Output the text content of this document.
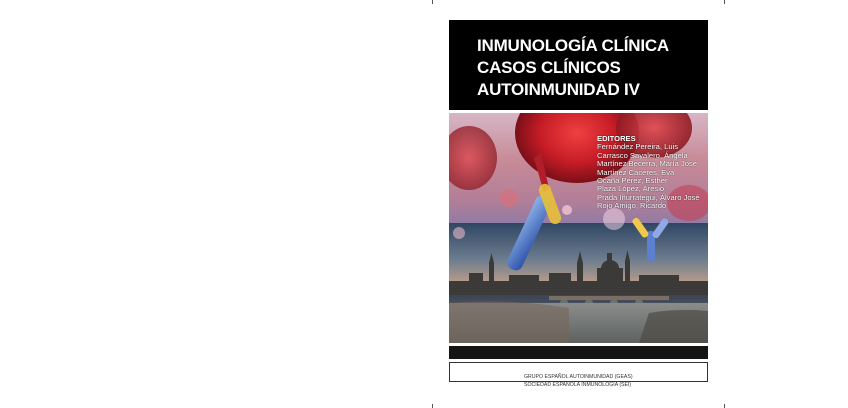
INMUNOLOGÍA CLÍNICA
CASOS CLÍNICOS
AUTOINMUNIDAD IV
EDITORES
Fernández Pereira, Luis
Carrasco Sayalero, Ángela
Martínez Becerra, María José
Martínez Cáceres, Eva
Ocaña Pérez, Esther
Plaza López, Aresio
Prada Iñurrategui, Álvaro José
Rojo Amigo, Ricardo
GRUPO ESPAÑOL AUTOINMUNIDAD (GEAS)
SOCIEDAD ESPAÑOLA INMUNOLOGÍA (SEI)
